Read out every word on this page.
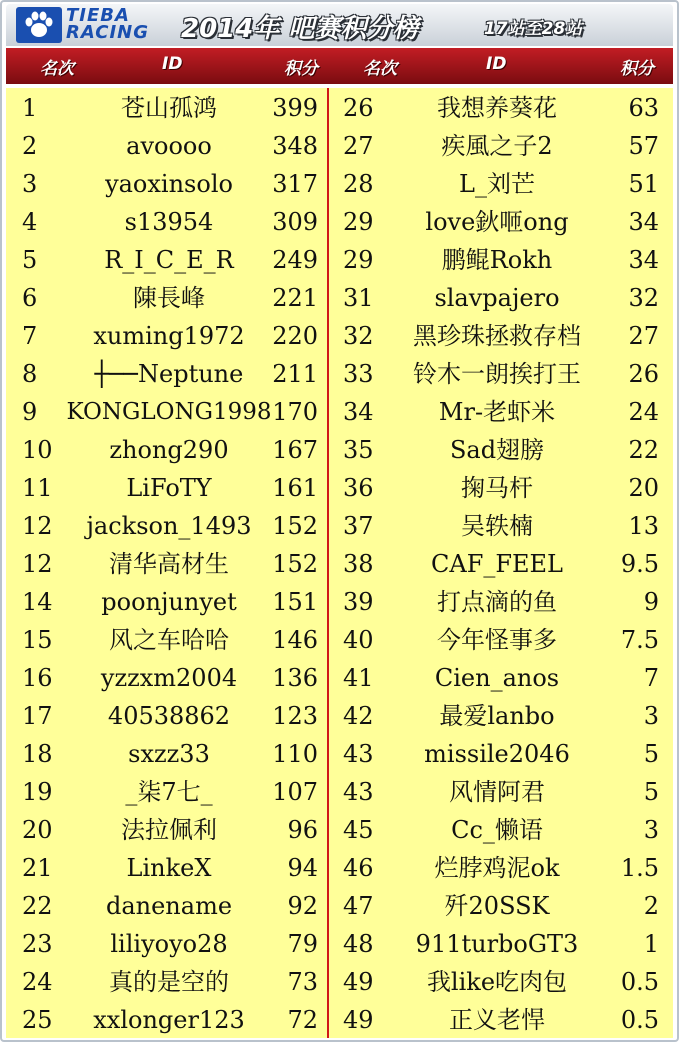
TIEBA
RACING	2014年 吧赛积分榜	17站至28站
名次	ID	积分	名次	ID	积分
1	苍山孤鸿	399
2	avoooo	348
3	yaoxinsolo	317
4	s13954	309
5	R_I_C_E_R	249
6	陳長峰	221
7	xuming1972	220
8	┼──Neptune	211
9 KONGLONG1998 170
10	zhong290	167
11	LiFoTY	161
12	jackson_1493 152
12	清华高材生	152
14	poonjunyet	151
15	风之车哈哈	146
16	yzzxm2004	136
17	40538862	123
18	sxzz33	110
19	_柒7七_	107
20	法拉佩利	96
21	LinkeX	94
22	danename	92
23	liliyoyo28	79
24	真的是空的	73
25	xxlonger123	72
26	我想养葵花	63
27	疾風之子2	57
28	L_刘芒	51
29	love鈥咂ong	34
29	鹏鲲Rokh	34
31	slavpajero	32
32	黑珍珠拯救存档	27
33	铃木一朗挨打王	26
34	Mr-老虾米	24
35	Sad翅膀	22
36	掬马杆	20
37	吴轶楠	13
38	CAF_FEEL	9.5
39	打点滴的鱼	9
40	今年怪事多	7.5
41	Cien_anos	7
42	最爱lanbo	3
43	missile2046	5
43	风情阿君	5
45	Cc_懒语	3
46	烂脖鸡泥ok	1.5
47	歼20SSK	2
48	911turboGT3	1
49	我like吃肉包	0.5
49	正义老悍	0.5
